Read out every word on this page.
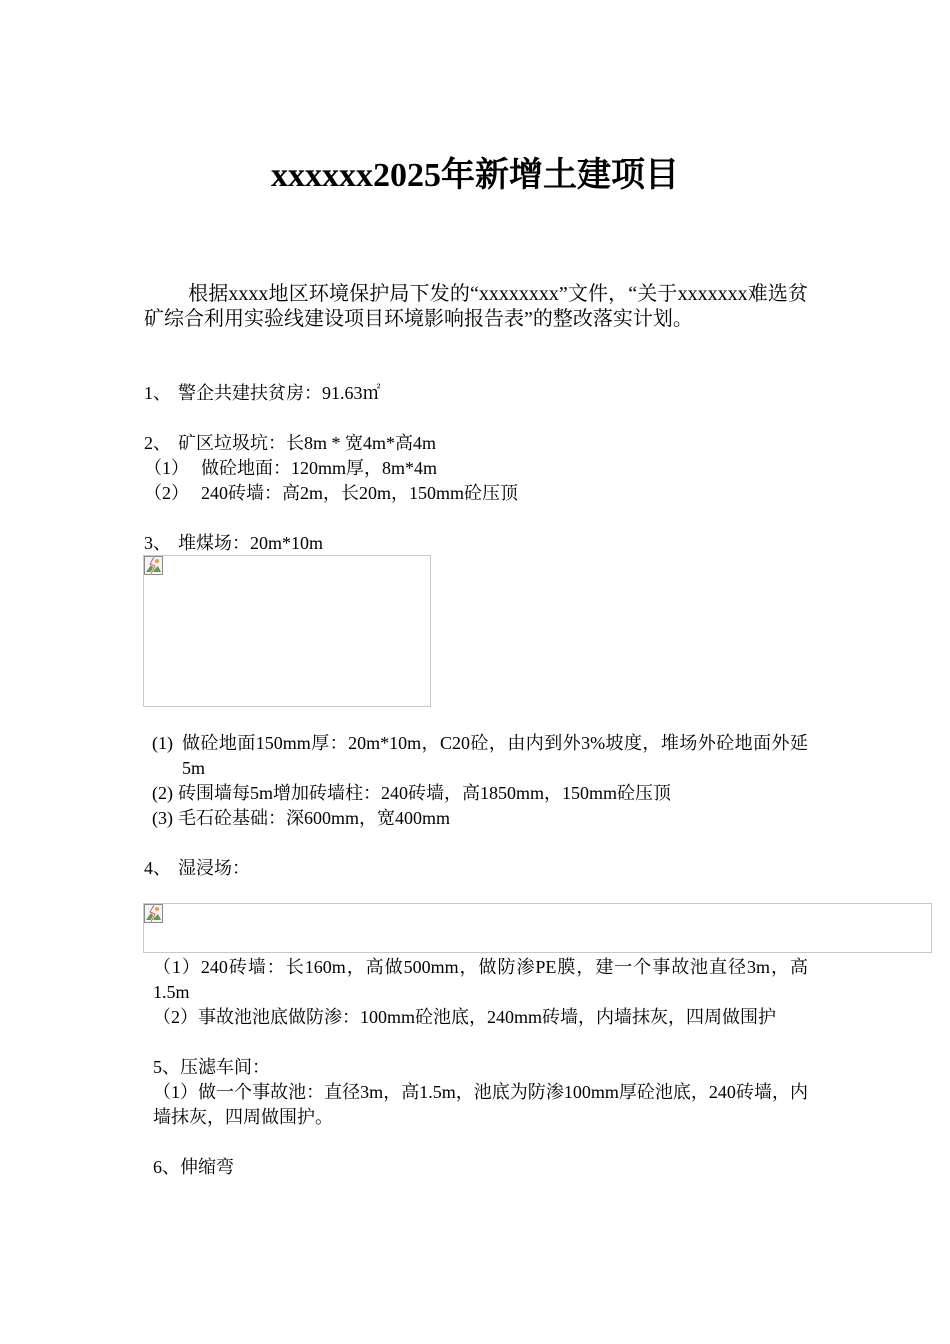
xxxxxx2025年新增土建项目
根据xxxx地区环境保护局下发的“xxxxxxxx”文件，“关于xxxxxxx难选贫矿综合利用实验线建设项目环境影响报告表”的整改落实计划。
1、 警企共建扶贫房：91.63㎡
2、 矿区垃圾坑：长8m * 宽4m*高4m
（1） 做砼地面：120mm厚，8m*4m
（2） 240砖墙：高2m，长20m，150mm砼压顶
3、 堆煤场：20m*10m
(1) 做砼地面150mm厚：20m*10m，C20砼，由内到外3%坡度，堆场外砼地面外延5m
(2) 砖围墙每5m增加砖墙柱：240砖墙，高1850mm，150mm砼压顶
(3) 毛石砼基础：深600mm，宽400mm
4、 湿浸场：
（1）240砖墙：长160m，高做500mm，做防渗PE膜，建一个事故池直径3m，高1.5m
（2）事故池池底做防渗：100mm砼池底，240mm砖墙，内墙抹灰，四周做围护
5、压滤车间：
（1）做一个事故池：直径3m，高1.5m，池底为防渗100mm厚砼池底，240砖墙，内墙抹灰，四周做围护。
6、伸缩弯
